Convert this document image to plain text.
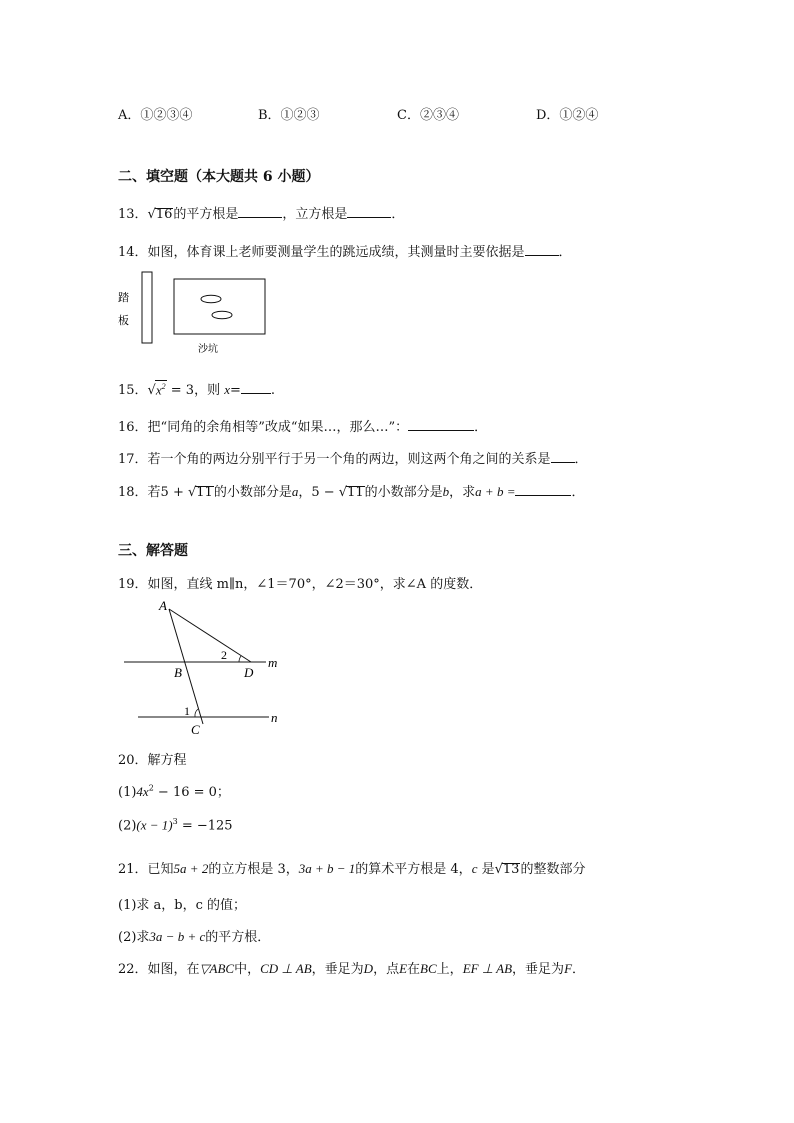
A．①②③④	B．①②③	C．②③④	D．①②④
二、填空题（本大题共 6 小题）
13．√16的平方根是	，立方根是	．
14．如图，体育课上老师要测量学生的跳远成绩，其测量时主要依据是	．
踏
板
沙坑
15．$√x^2 = 3$，则 x= .
16．把“同角的余角相等”改成“如果…，那么…”：	．
17．若一个角的两边分别平行于另一个角的两边，则这两个角之间的关系是 ．
18．若5 + √11的小数部分是a，5 − √11的小数部分是b，求a + b =	．
三、解答题
19．如图，直线 m∥n，∠1＝70°，∠2＝30°，求∠A 的度数．
A
B	D
C
m
n
2
1
20．解方程
$(1)4x^2 - 16 = 0$；
$(2)(x - 1)^3 = -125$
21．已知5a + 2的立方根是 3，3a + b − 1的算术平方根是 4，c 是√13的整数部分
(1)求 a，b，c 的值；
(2)求3a − b + c的平方根．
22．如图，在▽ABC中，CD ⊥ AB，垂足为D，点E在BC上，EF ⊥ AB，垂足为F．
